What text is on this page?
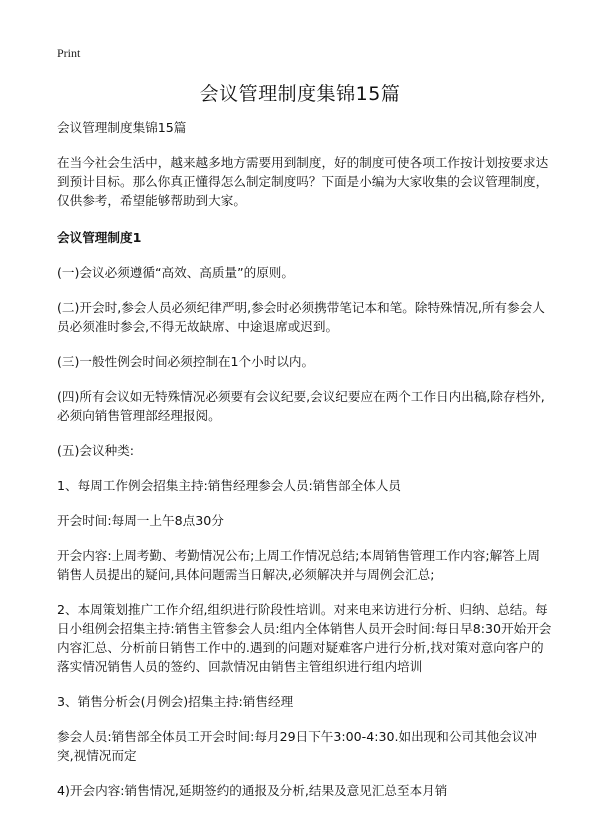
Print
会议管理制度集锦15篇

会议管理制度集锦15篇

在当今社会生活中，越来越多地方需要用到制度，好的制度可使各项工作按计划按要求达到预计目标。那么你真正懂得怎么制定制度吗？下面是小编为大家收集的会议管理制度，仅供参考，希望能够帮助到大家。

会议管理制度1

(一)会议必须遵循“高效、高质量”的原则。

(二)开会时,参会人员必须纪律严明,参会时必须携带笔记本和笔。除特殊情况,所有参会人员必须准时参会,不得无故缺席、中途退席或迟到。

(三)一般性例会时间必须控制在1个小时以内。

(四)所有会议如无特殊情况必须要有会议纪要,会议纪要应在两个工作日内出稿,除存档外,必须向销售管理部经理报阅。

(五)会议种类:

1、每周工作例会招集主持:销售经理参会人员:销售部全体人员

开会时间:每周一上午8点30分

开会内容:上周考勤、考勤情况公布;上周工作情况总结;本周销售管理工作内容;解答上周销售人员提出的疑问,具体问题需当日解决,必须解决并与周例会汇总;

2、本周策划推广工作介绍,组织进行阶段性培训。对来电来访进行分析、归纳、总结。每日小组例会招集主持:销售主管参会人员:组内全体销售人员开会时间:每日早8:30开始开会内容汇总、分析前日销售工作中的.遇到的问题对疑难客户进行分析,找对策对意向客户的落实情况销售人员的签约、回款情况由销售主管组织进行组内培训

3、销售分析会(月例会)招集主持:销售经理

参会人员:销售部全体员工开会时间:每月29日下午3:00-4:30.如出现和公司其他会议冲突,视情况而定

4)开会内容:销售情况,延期签约的通报及分析,结果及意见汇总至本月销
